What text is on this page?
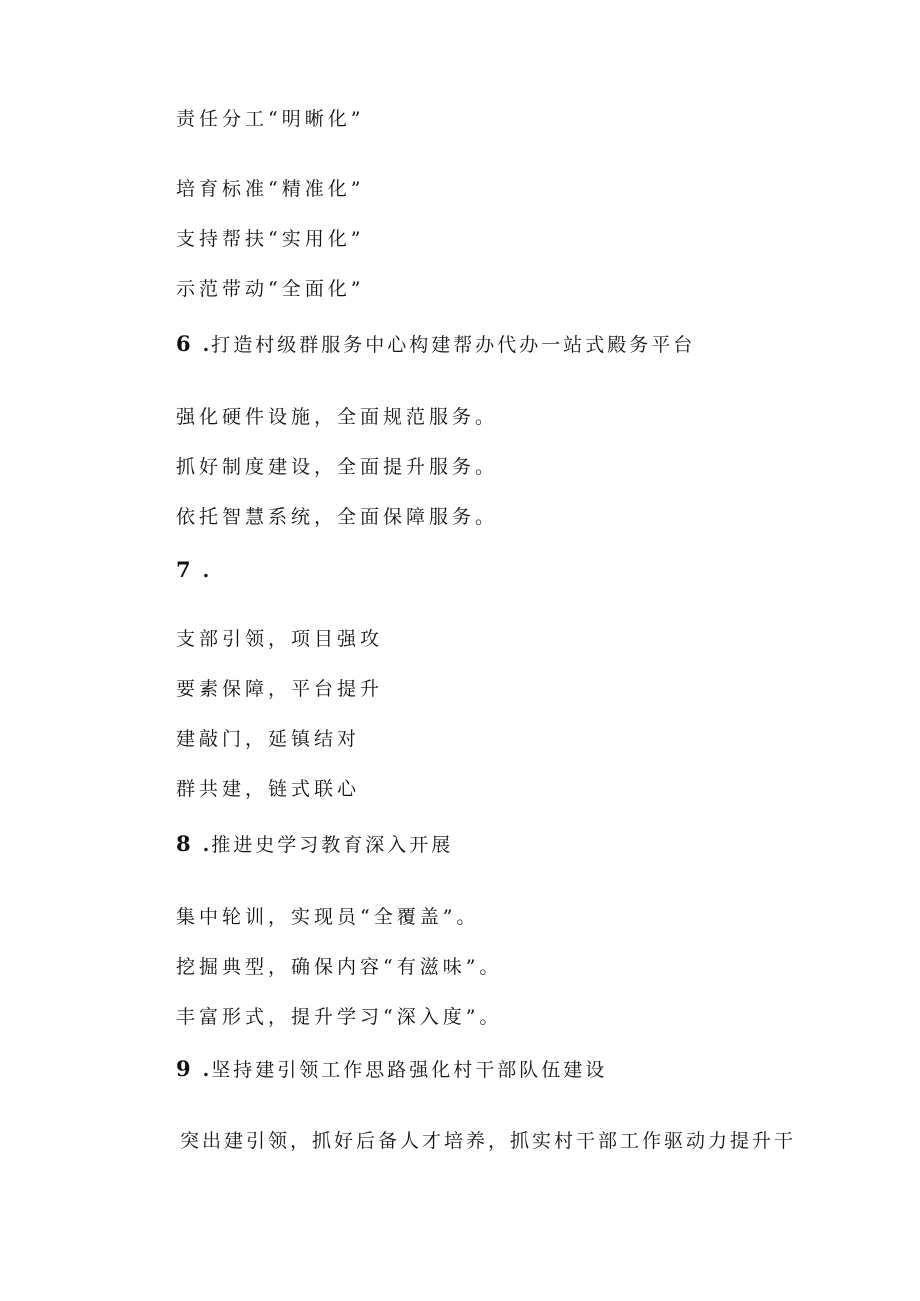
责任分工“明晰化”
培育标准“精准化”
支持帮扶“实用化”
示范带动“全面化”
6 . 打造村级群服务中心构建帮办代办一站式殿务平台
强化硬件设施，全面规范服务。
抓好制度建设，全面提升服务。
依托智慧系统，全面保障服务。
7 .
支部引领，项目强攻
要素保障，平台提升
建敲门，延镇结对
群共建，链式联心
8 . 推进史学习教育深入开展
集中轮训，实现员“全覆盖”。
挖掘典型，确保内容“有滋味”。
丰富形式，提升学习“深入度”。
9 . 坚持建引领工作思路强化村干部队伍建设
突出建引领，抓好后备人才培养，抓实村干部工作驱动力提升干
